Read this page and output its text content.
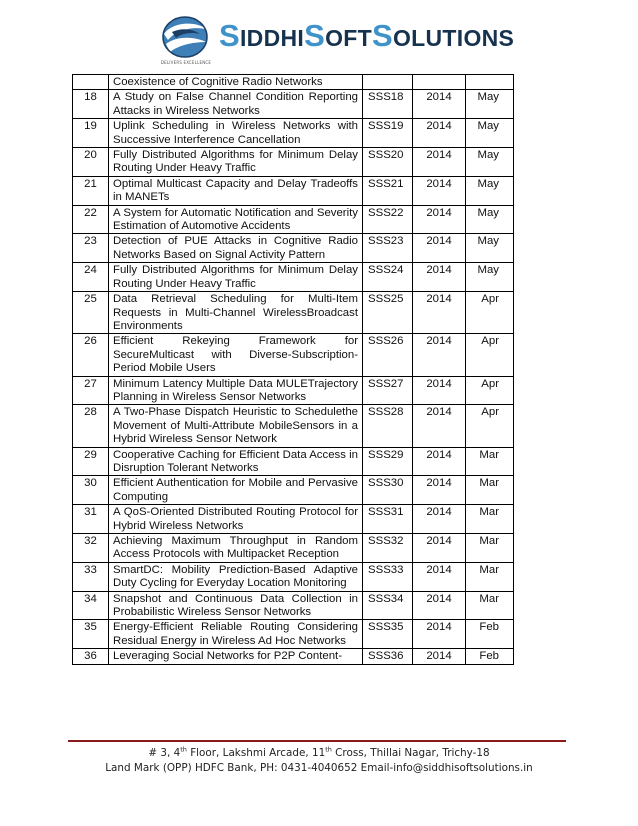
DELIVERS EXCELLENCE
SIDDHISOFTSOLUTIONS
	Coexistence of Cognitive Radio Networks			
18	A Study on False Channel Condition Reporting Attacks in Wireless Networks	SSS18	2014	May
19	Uplink Scheduling in Wireless Networks with Successive Interference Cancellation	SSS19	2014	May
20	Fully Distributed Algorithms for Minimum Delay Routing Under Heavy Traffic	SSS20	2014	May
21	Optimal Multicast Capacity and Delay Tradeoffs in MANETs	SSS21	2014	May
22	A System for Automatic Notification and Severity Estimation of Automotive Accidents	SSS22	2014	May
23	Detection of PUE Attacks in Cognitive Radio Networks Based on Signal Activity Pattern	SSS23	2014	May
24	Fully Distributed Algorithms for Minimum Delay Routing Under Heavy Traffic	SSS24	2014	May
25	Data Retrieval Scheduling for Multi-Item Requests in Multi-Channel WirelessBroadcast Environments	SSS25	2014	Apr
26	Efficient Rekeying Framework for SecureMulticast with Diverse-Subscription-Period Mobile Users	SSS26	2014	Apr
27	Minimum Latency Multiple Data MULETrajectory Planning in Wireless Sensor Networks	SSS27	2014	Apr
28	A Two-Phase Dispatch Heuristic to Schedulethe Movement of Multi-Attribute MobileSensors in a Hybrid Wireless Sensor Network	SSS28	2014	Apr
29	Cooperative Caching for Efficient Data Access in Disruption Tolerant Networks	SSS29	2014	Mar
30	Efficient Authentication for Mobile and Pervasive Computing	SSS30	2014	Mar
31	A QoS-Oriented Distributed Routing Protocol for Hybrid Wireless Networks	SSS31	2014	Mar
32	Achieving Maximum Throughput in Random Access Protocols with Multipacket Reception	SSS32	2014	Mar
33	SmartDC: Mobility Prediction-Based Adaptive Duty Cycling for Everyday Location Monitoring	SSS33	2014	Mar
34	Snapshot and Continuous Data Collection in Probabilistic Wireless Sensor Networks	SSS34	2014	Mar
35	Energy-Efficient Reliable Routing Considering Residual Energy in Wireless Ad Hoc Networks	SSS35	2014	Feb
36	Leveraging Social Networks for P2P Content-	SSS36	2014	Feb
# 3, 4th Floor, Lakshmi Arcade, 11th Cross, Thillai Nagar, Trichy-18
Land Mark (OPP) HDFC Bank, PH: 0431-4040652 Email-info@siddhisoftsolutions.in
